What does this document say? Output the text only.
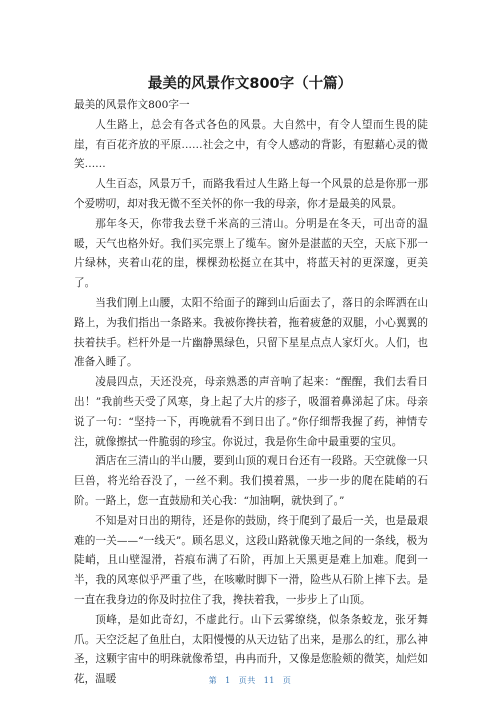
最美的风景作文800字（十篇）

最美的风景作文800字一

人生路上，总会有各式各色的风景。大自然中，有令人望而生畏的陡崖，有百花齐放的平原……社会之中，有令人感动的背影，有慰藉心灵的微笑……

人生百态，风景万千，而路我看过人生路上每一个风景的总是你那一那个爱唠叨，却对我无微不至关怀的你一我的母亲，你才是最美的风景。

那年冬天，你带我去登千米高的三清山。分明是在冬天，可出奇的温暖，天气也格外好。我们买完票上了缆车。窗外是湛蓝的天空，天底下那一片绿林，夹着山花的崖，棵棵劲松挺立在其中，将蓝天衬的更深邃，更美了。

当我们刚上山腰，太阳不给面子的蹿到山后面去了，落日的余晖洒在山路上，为我们指出一条路来。我被你搀扶着，拖着疲惫的双腿，小心翼翼的扶着扶手。栏杆外是一片幽静黑绿色，只留下星星点点人家灯火。人们，也准备入睡了。

凌晨四点，天还没亮，母亲熟悉的声音响了起来：“醒醒，我们去看日出！”我前些天受了风寒，身上起了大片的疹子，吸溜着鼻涕起了床。母亲说了一句：“坚持一下，再晚就看不到日出了。”你仔细帮我握了药，神情专注，就像擦拭一件脆弱的珍宝。你说过，我是你生命中最重要的宝贝。

酒店在三清山的半山腰，要到山顶的观日台还有一段路。天空就像一只巨兽，将光给吞没了，一丝不剩。我们摸着黑，一步一步的爬在陡峭的石阶。一路上，您一直鼓励和关心我：“加油啊，就快到了。”

不知是对日出的期待，还是你的鼓励，终于爬到了最后一关，也是最艰难的一关——“一线天”。顾名思义，这段山路就像天地之间的一条线，极为陡峭，且山壁湿滑，苔痕布满了石阶，再加上天黑更是难上加难。爬到一半，我的风寒似乎严重了些，在咳嗽时脚下一滑，险些从石阶上摔下去。是一直在我身边的你及时拉住了我，搀扶着我，一步步上了山顶。

顶峰，是如此奇幻，不虚此行。山下云雾缭绕，似条条蛟龙，张牙舞爪。天空泛起了鱼肚白，太阳慢慢的从天边钻了出来，是那么的红，那么神圣，这颗宇宙中的明珠就像希望，冉冉而升，又像是您脸颊的微笑，灿烂如花，温暖	第 1 页共 11 页
